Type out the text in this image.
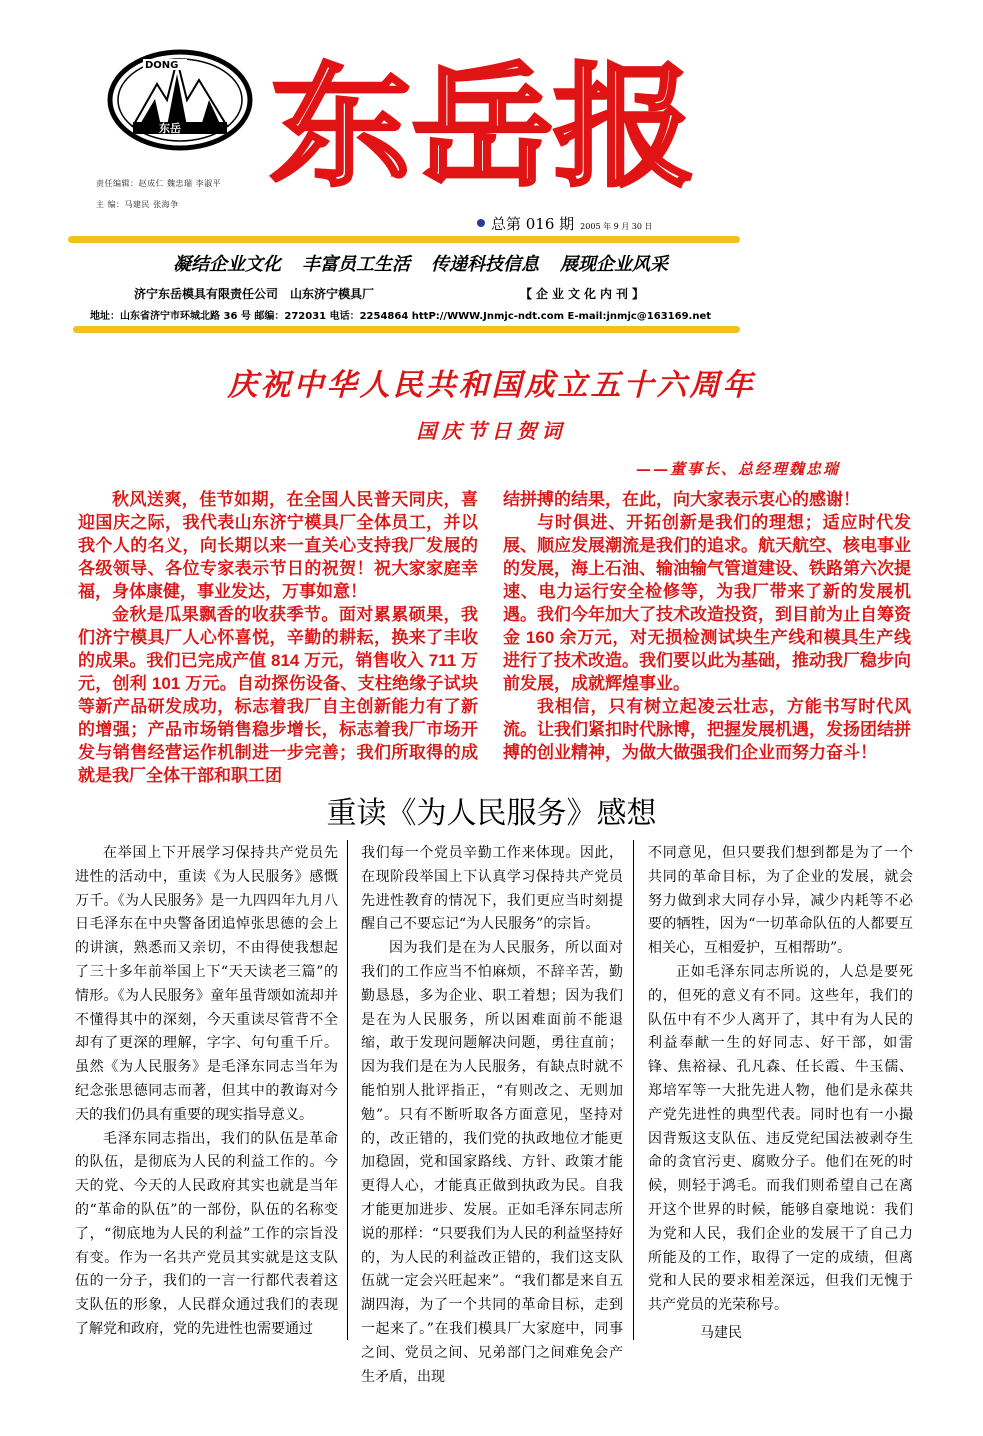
DONG
东岳 东岳报
责任编辑：赵成仁 魏忠瑞 李淑平
主 编：马建民 张海争
总第 016 期 2005 年 9 月 30 日
凝结企业文化 丰富员工生活 传递科技信息 展现企业风采
济宁东岳模具有限责任公司 山东济宁模具厂	【企业文化内刊】
地址：山东省济宁市环城北路 36 号 邮编：272031 电话：2254864 httP://WWW.Jnmjc-ndt.com E-mail:jnmjc@163169.net
庆祝中华人民共和国成立五十六周年
国庆节日贺词
——董事长、总经理魏忠瑞

秋风送爽，佳节如期，在全国人民普天同庆，喜迎国庆之际，我代表山东济宁模具厂全体员工，并以我个人的名义，向长期以来一直关心支持我厂发展的各级领导、各位专家表示节日的祝贺！祝大家家庭幸福，身体康健，事业发达，万事如意！

金秋是瓜果飘香的收获季节。面对累累硕果，我们济宁模具厂人心怀喜悦，辛勤的耕耘，换来了丰收的成果。我们已完成产值 814 万元，销售收入 711 万元，创利 101 万元。自动探伤设备、支柱绝缘子试块等新产品研发成功，标志着我厂自主创新能力有了新的增强；产品市场销售稳步增长，标志着我厂市场开发与销售经营运作机制进一步完善；我们所取得的成就是我厂全体干部和职工团

结拼搏的结果，在此，向大家表示衷心的感谢！

与时俱进、开拓创新是我们的理想；适应时代发展、顺应发展潮流是我们的追求。航天航空、核电事业的发展，海上石油、输油输气管道建设、铁路第六次提速、电力运行安全检修等，为我厂带来了新的发展机遇。我们今年加大了技术改造投资，到目前为止自筹资金 160 余万元，对无损检测试块生产线和模具生产线进行了技术改造。我们要以此为基础，推动我厂稳步向前发展，成就辉煌事业。

我相信，只有树立起凌云壮志，方能书写时代风流。让我们紧扣时代脉博，把握发展机遇，发扬团结拼搏的创业精神，为做大做强我们企业而努力奋斗！

重读《为人民服务》感想

在举国上下开展学习保持共产党员先进性的活动中，重读《为人民服务》感慨万千。《为人民服务》是一九四四年九月八日毛泽东在中央警备团追悼张思德的会上的讲演，熟悉而又亲切，不由得使我想起了三十多年前举国上下“天天读老三篇”的情形。《为人民服务》童年虽背颂如流却并不懂得其中的深刻，今天重读尽管背不全却有了更深的理解，字字、句句重千斤。虽然《为人民服务》是毛泽东同志当年为纪念张思德同志而著，但其中的教诲对今天的我们仍具有重要的现实指导意义。

毛泽东同志指出，我们的队伍是革命的队伍，是彻底为人民的利益工作的。今天的党、今天的人民政府其实也就是当年的“革命的队伍”的一部份，队伍的名称变了，“彻底地为人民的利益”工作的宗旨没有变。作为一名共产党员其实就是这支队伍的一分子，我们的一言一行都代表着这支队伍的形象，人民群众通过我们的表现了解党和政府，党的先进性也需要通过

我们每一个党员辛勤工作来体现。因此，在现阶段举国上下认真学习保持共产党员先进性教育的情况下，我们更应当时刻提醒自己不要忘记“为人民服务”的宗旨。

因为我们是在为人民服务，所以面对我们的工作应当不怕麻烦，不辞辛苦，勤勤恳恳，多为企业、职工着想；因为我们是在为人民服务，所以困难面前不能退缩，敢于发现问题解决问题，勇往直前；因为我们是在为人民服务，有缺点时就不能怕别人批评指正，“有则改之、无则加勉”。只有不断听取各方面意见，坚持对的，改正错的，我们党的执政地位才能更加稳固，党和国家路线、方针、政策才能更得人心，才能真正做到执政为民。自我才能更加进步、发展。正如毛泽东同志所说的那样：“只要我们为人民的利益坚持好的，为人民的利益改正错的，我们这支队伍就一定会兴旺起来”。“我们都是来自五湖四海，为了一个共同的革命目标，走到一起来了。”在我们模具厂大家庭中，同事之间、党员之间、兄弟部门之间难免会产生矛盾，出现

不同意见，但只要我们想到都是为了一个共同的革命目标，为了企业的发展，就会努力做到求大同存小异，减少内耗等不必要的牺牲，因为“一切革命队伍的人都要互相关心，互相爱护，互相帮助”。

正如毛泽东同志所说的，人总是要死的，但死的意义有不同。这些年，我们的队伍中有不少人离开了，其中有为人民的利益奉献一生的好同志、好干部，如雷锋、焦裕禄、孔凡森、任长霞、牛玉儒、郑培军等一大批先进人物，他们是永葆共产党先进性的典型代表。同时也有一小撮因背叛这支队伍、违反党纪国法被剥夺生命的贪官污吏、腐败分子。他们在死的时候，则轻于鸿毛。而我们则希望自己在离开这个世界的时候，能够自豪地说：我们为党和人民，我们企业的发展干了自己力所能及的工作，取得了一定的成绩，但离党和人民的要求相差深远，但我们无愧于共产党员的光荣称号。

马建民
